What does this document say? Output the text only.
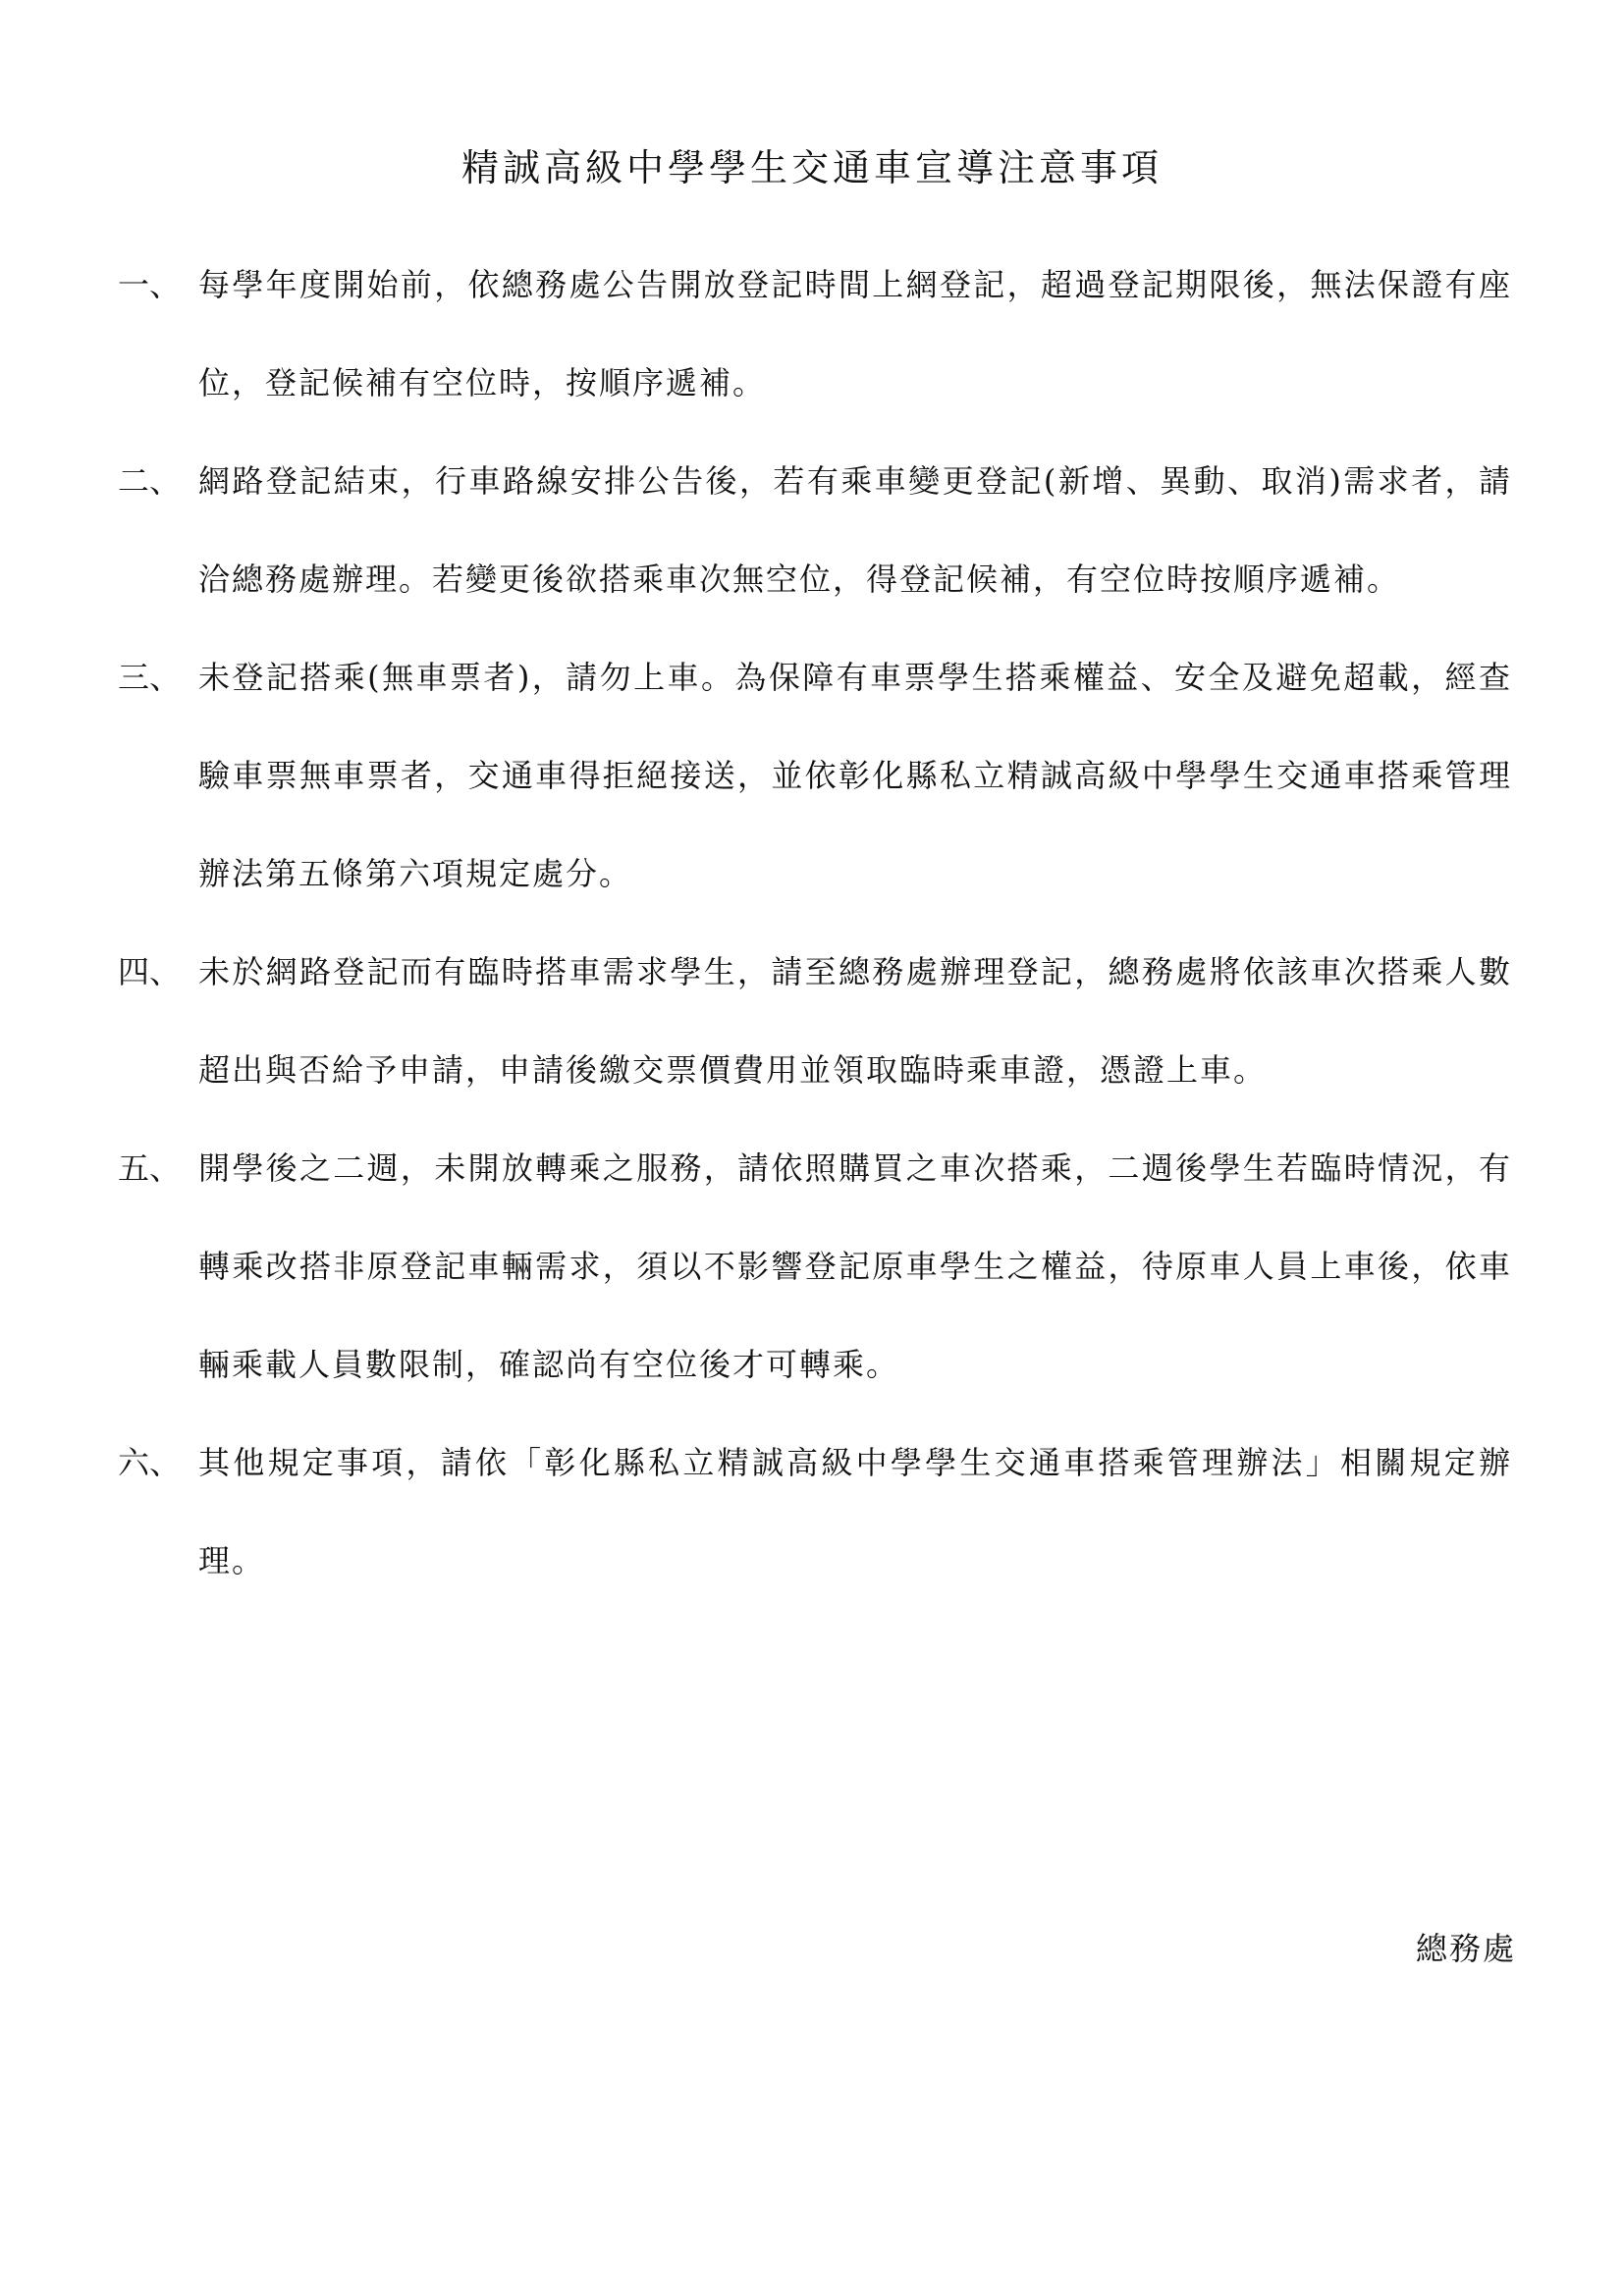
精誠高級中學學生交通車宣導注意事項
一、 每學年度開始前，依總務處公告開放登記時間上網登記，超過登記期限後，無法保證有座位，登記候補有空位時，按順序遞補。
二、 網路登記結束，行車路線安排公告後，若有乘車變更登記(新增、異動、取消)需求者，請洽總務處辦理。若變更後欲搭乘車次無空位，得登記候補，有空位時按順序遞補。
三、 未登記搭乘(無車票者)，請勿上車。為保障有車票學生搭乘權益、安全及避免超載，經查驗車票無車票者，交通車得拒絕接送，並依彰化縣私立精誠高級中學學生交通車搭乘管理辦法第五條第六項規定處分。
四、 未於網路登記而有臨時搭車需求學生，請至總務處辦理登記，總務處將依該車次搭乘人數超出與否給予申請，申請後繳交票價費用並領取臨時乘車證，憑證上車。
五、 開學後之二週，未開放轉乘之服務，請依照購買之車次搭乘，二週後學生若臨時情況，有轉乘改搭非原登記車輛需求，須以不影響登記原車學生之權益，待原車人員上車後，依車輛乘載人員數限制，確認尚有空位後才可轉乘。
六、 其他規定事項，請依「彰化縣私立精誠高級中學學生交通車搭乘管理辦法」相關規定辦理。
總務處
